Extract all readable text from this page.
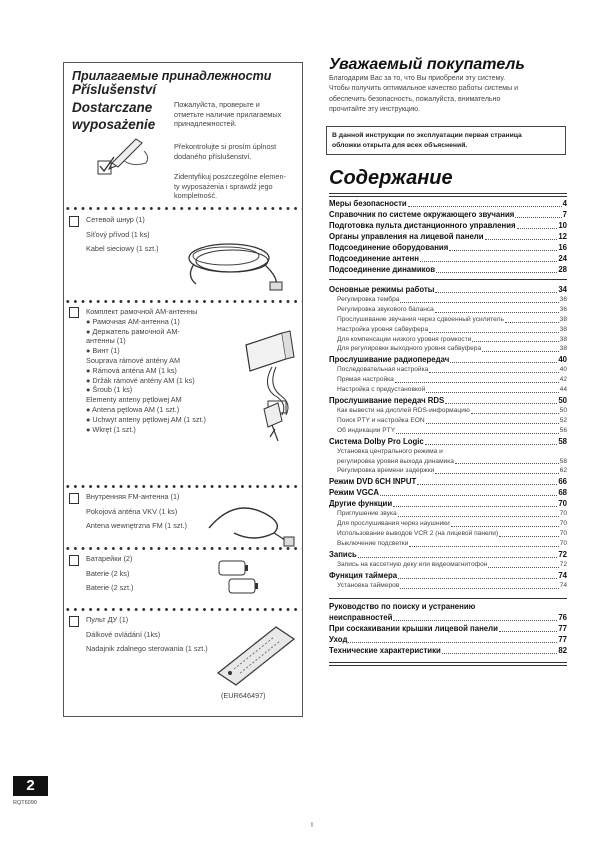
Прилагаемые принадлежности
Příslušenství
Dostarczane
wyposażenie
Пожалуйста, проверьте и
отметьте наличие прилагаемых
принадлежностей.
Překontrolujte si prosím úplnost
dodaného příslušenství.
Zidentyfikuj poszczególne elemen-
ty wyposażenia i sprawdź jego
kompletność.
Сетевой шнур (1)
Síťový přívod (1 ks)
Kabel sieciowy (1 szt.)
Комплект рамочной АМ-антенны
● Рамочная АМ-антенна (1)
● Держатель рамочной АМ-
антенны (1)
● Винт (1)
Souprava rámové antény AM
● Rámová anténa AM (1 ks)
● Držák rámové antény AM (1 ks)
● Šroub (1 ks)
Elementy anteny pętlowej AM
● Antena pętlowa AM (1 szt.)
● Uchwyt anteny pętlowej AM (1 szt.)
● Wkręt (1 szt.)
Внутренняя FM-антенна (1)
Pokojová anténa VKV (1 ks)
Antena wewnętrzna FM (1 szt.)
Батарейки (2)
Baterie (2 ks)
Baterie (2 szt.)
Пульт ДУ (1)
Dálkové ovládání (1ks)
Nadajnik zdalnego sterowania (1 szt.)
(EUR646497)
Уважаемый покупатель
Благодарим Вас за то, что Вы приобрели эту систему.
Чтобы получить оптимальное качество работы системы и
обеспечить безопасность, пожалуйста, внимательно
прочитайте эту инструкцию.
В данной инструкции по эксплуатации первая страница
обложки открыта для всех объяснений.
Содержание
Меры безопасности	4
Справочник по системе окружающего звучания	7
Подготовка пульта дистанционного управления	10
Органы управления на лицевой панели	12
Подсоединение оборудования	16
Подсоединение антенн	24
Подсоединение динамиков	28
Основные режимы работы	34
Регулировка тембра	36
Регулировка звукового баланса	36
Прослушивание звучания через сдвоенный усилитель	38
Настройка уровня сабвуфера	38
Для компенсации низкого уровня громкости	38
Для регулировки выходного уровня сабвуфера	38
Прослушивание радиопередач	40
Последовательная настройка	40
Прямая настройка	42
Настройка с предустановкой	44
Прослушивание передач RDS	50
Как вывести на дисплей RDS-информацию	50
Поиск PTY и настройка EON	52
Об индикации PTY	56
Система Dolby Pro Logic	58
Установка центрального режима и
регулировка уровня выхода динамика	58
Регулировка времени задержки	62
Режим DVD 6CH INPUT	66
Режим VGCA	68
Другие функции	70
Приглушение звука	70
Для прослушивания через наушники	70
Использование выводов VCR 2 (на лицевой панели)	70
Выключение подсветки	70
Запись	72
Запись на кассетную деку или видеомагнитофон	72
Функция таймера	74
Установка таймеров	74
Руководство по поиску и устранению
неисправностей	76
При соскакивании крышки лицевой панели	77
Уход	77
Технические характеристики	82
2
RQT6090
I
